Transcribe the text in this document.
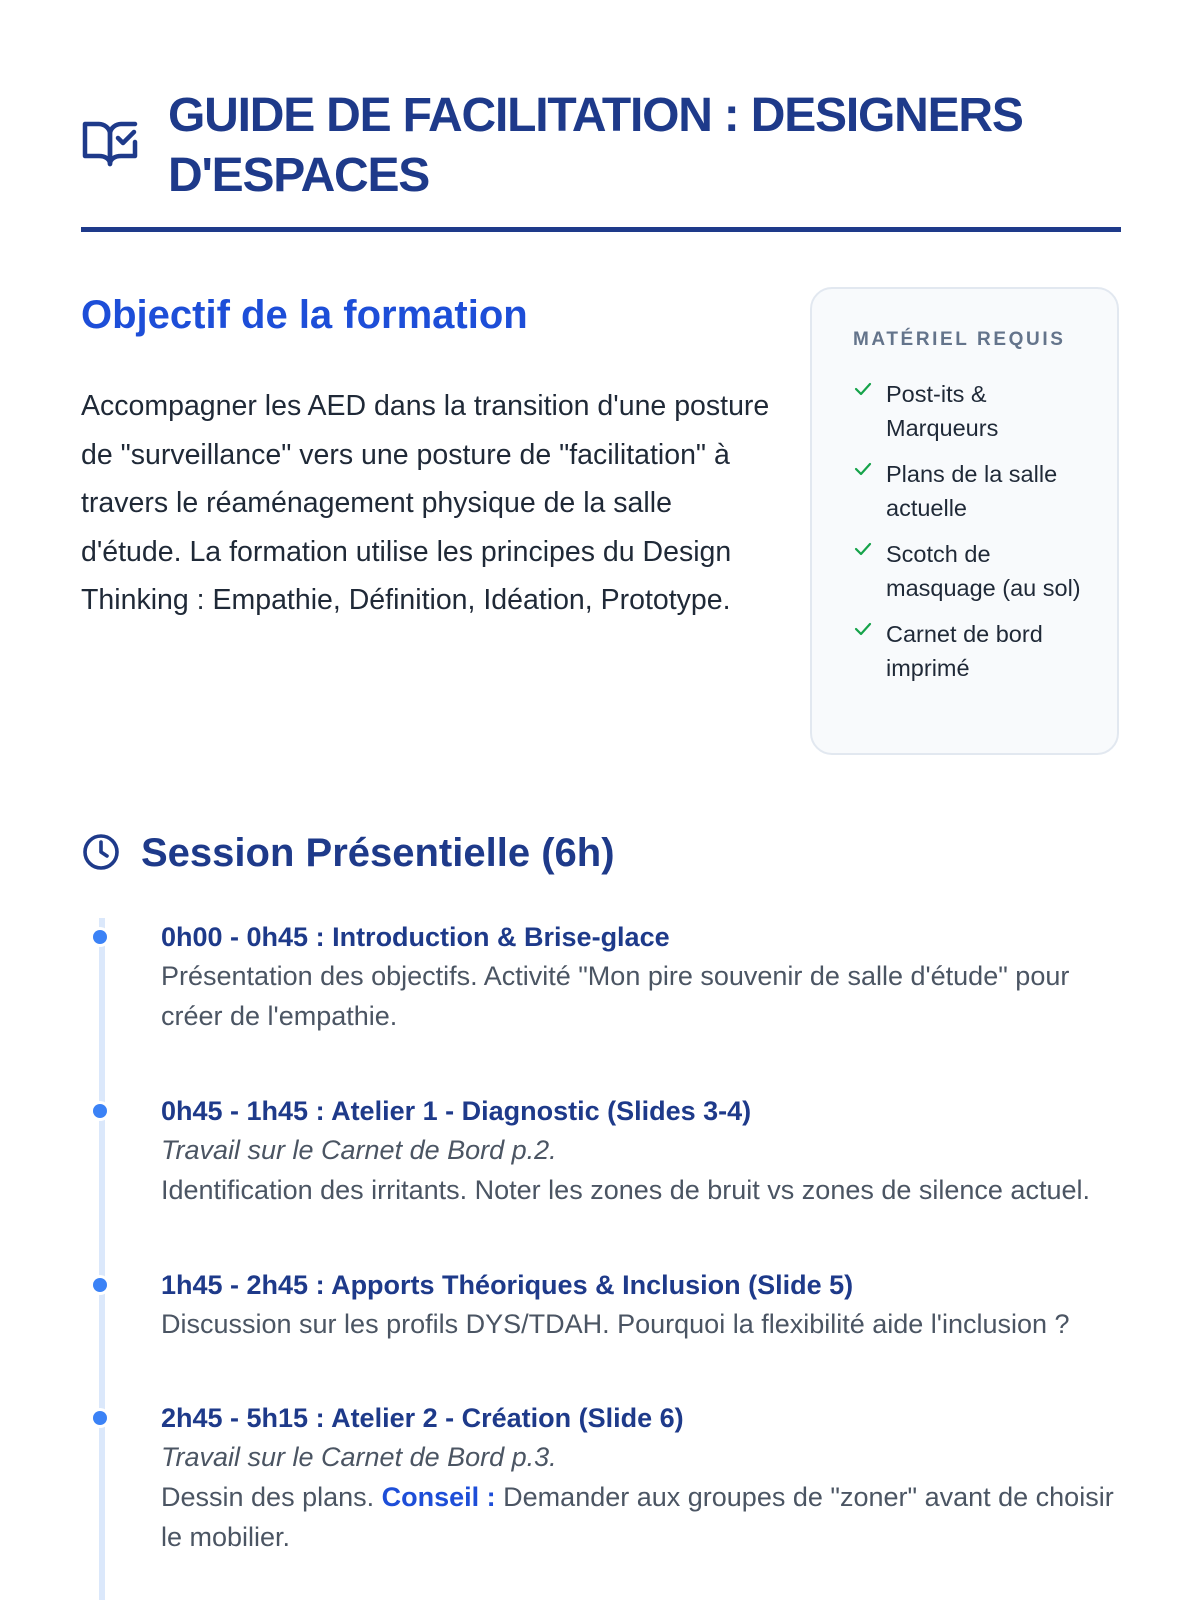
GUIDE DE FACILITATION : DESIGNERS D'ESPACES
Objectif de la formation

Accompagner les AED dans la transition d'une posture de "surveillance" vers une posture de "facilitation" à travers le réaménagement physique de la salle d'étude. La formation utilise les principes du Design Thinking : Empathie, Définition, Idéation, Prototype.

MATÉRIEL REQUIS
Post-its & Marqueurs
Plans de la salle actuelle
Scotch de masquage (au sol)
Carnet de bord imprimé
Session Présentielle (6h)

0h00 - 0h45 : Introduction & Brise-glace

Présentation des objectifs. Activité "Mon pire souvenir de salle d'étude" pour créer de l'empathie.

0h45 - 1h45 : Atelier 1 - Diagnostic (Slides 3-4)

Travail sur le Carnet de Bord p.2.

Identification des irritants. Noter les zones de bruit vs zones de silence actuel.

1h45 - 2h45 : Apports Théoriques & Inclusion (Slide 5)

Discussion sur les profils DYS/TDAH. Pourquoi la flexibilité aide l'inclusion ?

2h45 - 5h15 : Atelier 2 - Création (Slide 6)

Travail sur le Carnet de Bord p.3.

Dessin des plans. Conseil : Demander aux groupes de "zoner" avant de choisir le mobilier.
